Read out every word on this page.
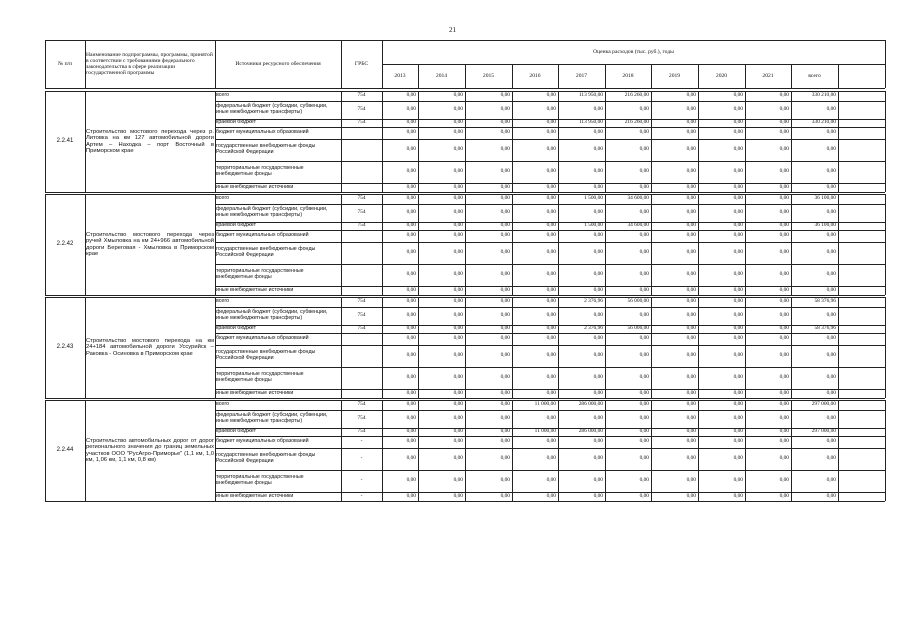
21
№ п/п
Наименование подпрограммы, программы, принятой в соответствии с требованиями федерального законодательства в сфере реализации государственной программы
Источники ресурсного обеспечения	ГРБС
Оценка расходов (тыс. руб.), годы
2013	2014	2015	2016	2017	2018	2019	2020	2021	всего
2.2.41
Строительство мостового перехода через р. Литовка на км 127 автомобильной дороги Артем – Находка – порт Восточный в Приморском крае
всего	754	0,00	0,00	0,00	0,00	113 950,00	216 260,00	0,00	0,00	0,00	330 210,00
федеральный бюджет (субсидии, субвенции, иные межбюджетные трансферты)	754	0,00	0,00	0,00	0,00	0,00	0,00	0,00	0,00	0,00	0,00
краевой бюджет	754	0,00	0,00	0,00	0,00	113 950,00	216 260,00	0,00	0,00	0,00	330 210,00
бюджет муниципальных образований	0,00	0,00	0,00	0,00	0,00	0,00	0,00	0,00	0,00	0,00
государственные внебюджетные фонды Российской Федерации	0,00	0,00	0,00	0,00	0,00	0,00	0,00	0,00	0,00	0,00
территориальные государственные внебюджетные фонды	0,00	0,00	0,00	0,00	0,00	0,00	0,00	0,00	0,00	0,00
иные внебюджетные источники	0,00	0,00	0,00	0,00	0,00	0,00	0,00	0,00	0,00	0,00
2.2.42
Строительство мостового перехода через ручей Хмыловка на км 24+966 автомобильной дороги Береговая - Хмыловка в Приморском крае
всего	754	0,00	0,00	0,00	0,00	1 500,00	34 600,00	0,00	0,00	0,00	36 100,00
федеральный бюджет (субсидии, субвенции, иные межбюджетные трансферты)	754	0,00	0,00	0,00	0,00	0,00	0,00	0,00	0,00	0,00	0,00
краевой бюджет	754	0,00	0,00	0,00	0,00	1 500,00	34 600,00	0,00	0,00	0,00	36 100,00
бюджет муниципальных образований	0,00	0,00	0,00	0,00	0,00	0,00	0,00	0,00	0,00	0,00
государственные внебюджетные фонды Российской Федерации	0,00	0,00	0,00	0,00	0,00	0,00	0,00	0,00	0,00	0,00
территориальные государственные внебюджетные фонды	0,00	0,00	0,00	0,00	0,00	0,00	0,00	0,00	0,00	0,00
иные внебюджетные источники	0,00	0,00	0,00	0,00	0,00	0,00	0,00	0,00	0,00	0,00
2.2.43
Строительство мостового перехода на км 24+184 автомобильной дороги Уссурийск – Раковка - Осиновка в Приморском крае
всего	754	0,00	0,00	0,00	0,00	2 376,96	56 000,00	0,00	0,00	0,00	58 376,96
федеральный бюджет (субсидии, субвенции, иные межбюджетные трансферты)	754	0,00	0,00	0,00	0,00	0,00	0,00	0,00	0,00	0,00	0,00
краевой бюджет	754	0,00	0,00	0,00	0,00	2 376,96	56 000,00	0,00	0,00	0,00	58 376,96
бюджет муниципальных образований	0,00	0,00	0,00	0,00	0,00	0,00	0,00	0,00	0,00	0,00
государственные внебюджетные фонды Российской Федерации	0,00	0,00	0,00	0,00	0,00	0,00	0,00	0,00	0,00	0,00
территориальные государственные внебюджетные фонды	0,00	0,00	0,00	0,00	0,00	0,00	0,00	0,00	0,00	0,00
иные внебюджетные источники	0,00	0,00	0,00	0,00	0,00	0,00	0,00	0,00	0,00	0,00
2.2.44
Строительство автомобильных дорог от дорог регионального значения до границ земельных участков ООО "РусАгро-Приморье" (1,1 км, 1,0 км, 1,06 км, 1,1 км, 0,8 км)
всего	754	0,00	0,00	0,00	11 000,00	286 000,00	0,00	0,00	0,00	0,00	297 000,00
федеральный бюджет (субсидии, субвенции, иные межбюджетные трансферты)	754	0,00	0,00	0,00	0,00	0,00	0,00	0,00	0,00	0,00	0,00
краевой бюджет	754	0,00	0,00	0,00	11 000,00	286 000,00	0,00	0,00	0,00	0,00	297 000,00
бюджет муниципальных образований	-	0,00	0,00	0,00	0,00	0,00	0,00	0,00	0,00	0,00	0,00
государственные внебюджетные фонды Российской Федерации	-	0,00	0,00	0,00	0,00	0,00	0,00	0,00	0,00	0,00	0,00
территориальные государственные внебюджетные фонды	-	0,00	0,00	0,00	0,00	0,00	0,00	0,00	0,00	0,00	0,00
иные внебюджетные источники	-	0,00	0,00	0,00	0,00	0,00	0,00	0,00	0,00	0,00	0,00
